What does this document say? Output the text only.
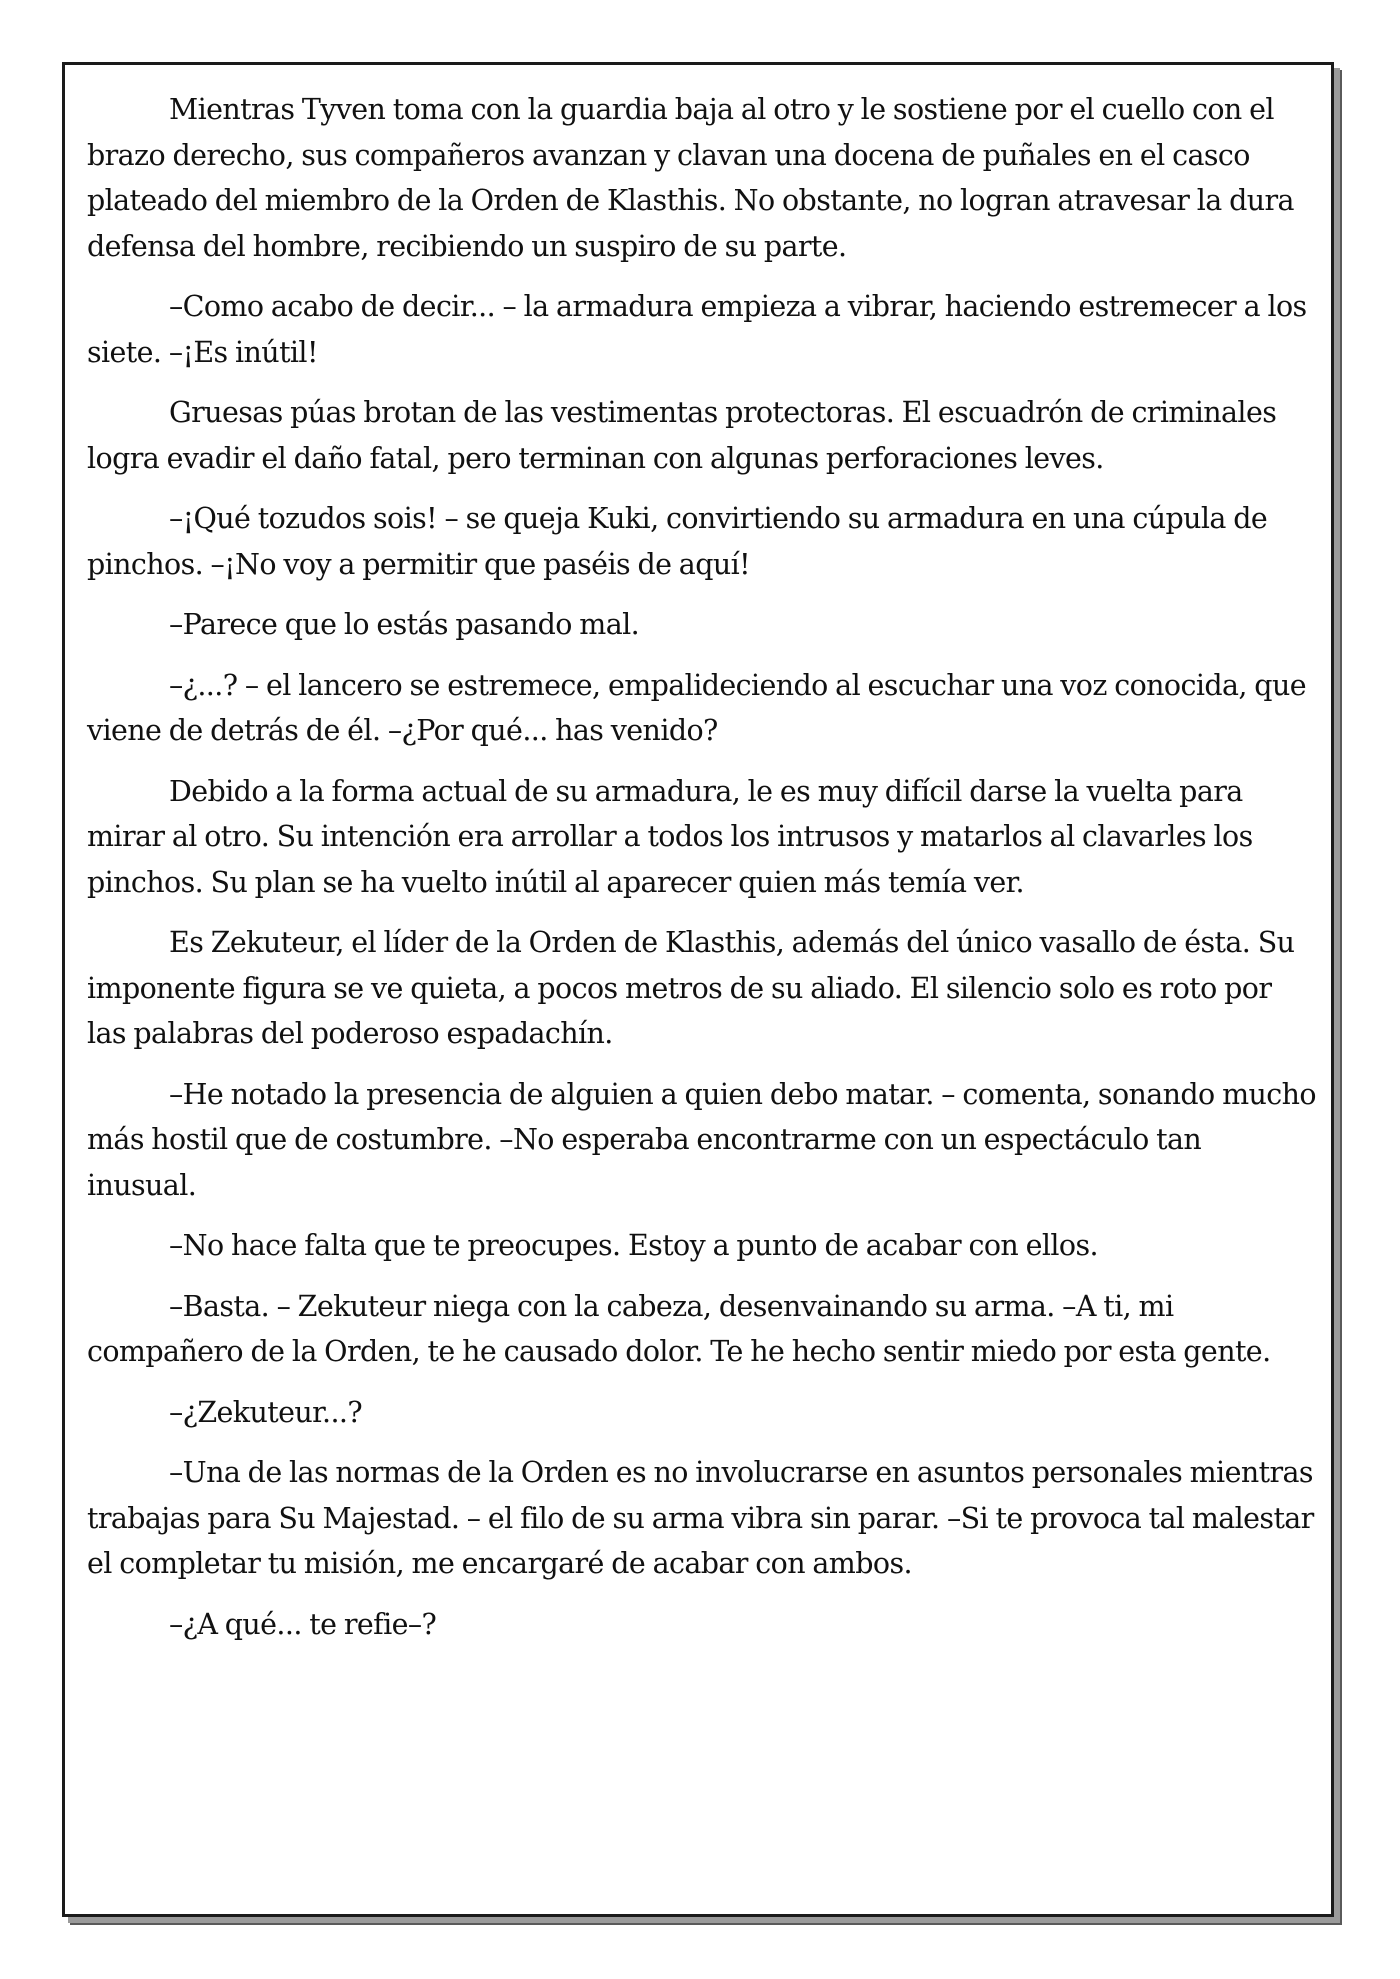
Mientras Tyven toma con la guardia baja al otro y le sostiene por el cuello con el brazo derecho, sus compañeros avanzan y clavan una docena de puñales en el casco plateado del miembro de la Orden de Klasthis. No obstante, no logran atravesar la dura defensa del hombre, recibiendo un suspiro de su parte.

–Como acabo de decir... – la armadura empieza a vibrar, haciendo estremecer a los siete. –¡Es inútil!

Gruesas púas brotan de las vestimentas protectoras. El escuadrón de criminales logra evadir el daño fatal, pero terminan con algunas perforaciones leves.

–¡Qué tozudos sois! – se queja Kuki, convirtiendo su armadura en una cúpula de pinchos. –¡No voy a permitir que paséis de aquí!

–Parece que lo estás pasando mal.

–¿...? – el lancero se estremece, empalideciendo al escuchar una voz conocida, que viene de detrás de él. –¿Por qué... has venido?

Debido a la forma actual de su armadura, le es muy difícil darse la vuelta para mirar al otro. Su intención era arrollar a todos los intrusos y matarlos al clavarles los pinchos. Su plan se ha vuelto inútil al aparecer quien más temía ver.

Es Zekuteur, el líder de la Orden de Klasthis, además del único vasallo de ésta. Su imponente figura se ve quieta, a pocos metros de su aliado. El silencio solo es roto por las palabras del poderoso espadachín.

–He notado la presencia de alguien a quien debo matar. – comenta, sonando mucho más hostil que de costumbre. –No esperaba encontrarme con un espectáculo tan inusual.

–No hace falta que te preocupes. Estoy a punto de acabar con ellos.

–Basta. – Zekuteur niega con la cabeza, desenvainando su arma. –A ti, mi compañero de la Orden, te he causado dolor. Te he hecho sentir miedo por esta gente.

–¿Zekuteur...?

–Una de las normas de la Orden es no involucrarse en asuntos personales mientras trabajas para Su Majestad. – el filo de su arma vibra sin parar. –Si te provoca tal malestar el completar tu misión, me encargaré de acabar con ambos.

–¿A qué... te refie–?
